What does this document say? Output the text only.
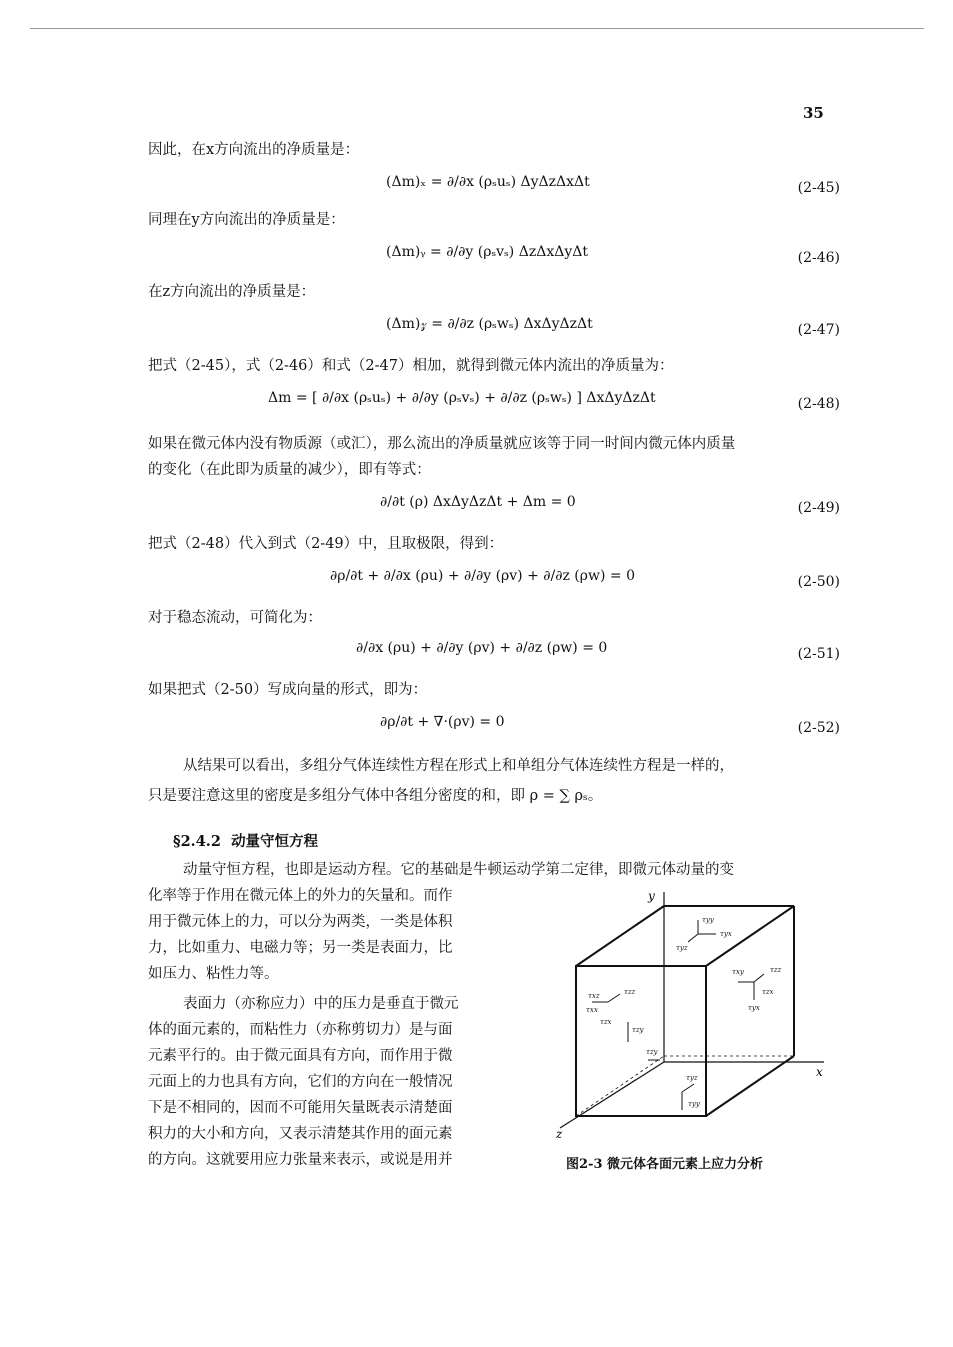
35
因此，在x方向流出的净质量是：
(Δm)ₓ = ∂/∂x (ρₛuₛ) ΔyΔzΔxΔt	(2-45)
同理在y方向流出的净质量是：
(Δm)ᵧ = ∂/∂y (ρₛvₛ) ΔzΔxΔyΔt	(2-46)
在z方向流出的净质量是：
(Δm)𝓏 = ∂/∂z (ρₛwₛ) ΔxΔyΔzΔt	(2-47)
把式（2-45），式（2-46）和式（2-47）相加，就得到微元体内流出的净质量为：
Δm = [ ∂/∂x (ρₛuₛ) + ∂/∂y (ρₛvₛ) + ∂/∂z (ρₛwₛ) ] ΔxΔyΔzΔt	(2-48)
如果在微元体内没有物质源（或汇），那么流出的净质量就应该等于同一时间内微元体内质量
的变化（在此即为质量的减少），即有等式：
∂/∂t (ρ) ΔxΔyΔzΔt + Δm = 0	(2-49)
把式（2-48）代入到式（2-49）中，且取极限，得到：
∂ρ/∂t + ∂/∂x (ρu) + ∂/∂y (ρv) + ∂/∂z (ρw) = 0	(2-50)
对于稳态流动，可简化为：
∂/∂x (ρu) + ∂/∂y (ρv) + ∂/∂z (ρw) = 0	(2-51)
如果把式（2-50）写成向量的形式，即为：
∂ρ/∂t + ∇·(ρv) = 0	(2-52)
从结果可以看出，多组分气体连续性方程在形式上和单组分气体连续性方程是一样的，
只是要注意这里的密度是多组分气体中各组分密度的和，即 ρ = ∑ ρₛ。
§2.4.2 动量守恒方程
动量守恒方程，也即是运动方程。它的基础是牛顿运动学第二定律，即微元体动量的变
化率等于作用在微元体上的外力的矢量和。而作
用于微元体上的力，可以分为两类，一类是体积
力，比如重力、电磁力等；另一类是表面力，比
如压力、粘性力等。
表面力（亦称应力）中的压力是垂直于微元
体的面元素的，而粘性力（亦称剪切力）是与面
元素平行的。由于微元面具有方向，而作用于微
元面上的力也具有方向，它们的方向在一般情况
下是不相同的，因而不可能用矢量既表示清楚面
积力的大小和方向，又表示清楚其作用的面元素
的方向。这就要用应力张量来表示，或说是用并
y
x
z
τyy
τyx
τyz
τzz
τxz
τxx
τzx
τzy
τxy	τzz
τzx
τyx
τzy
τyz
τyy
图2-3 微元体各面元素上应力分析
